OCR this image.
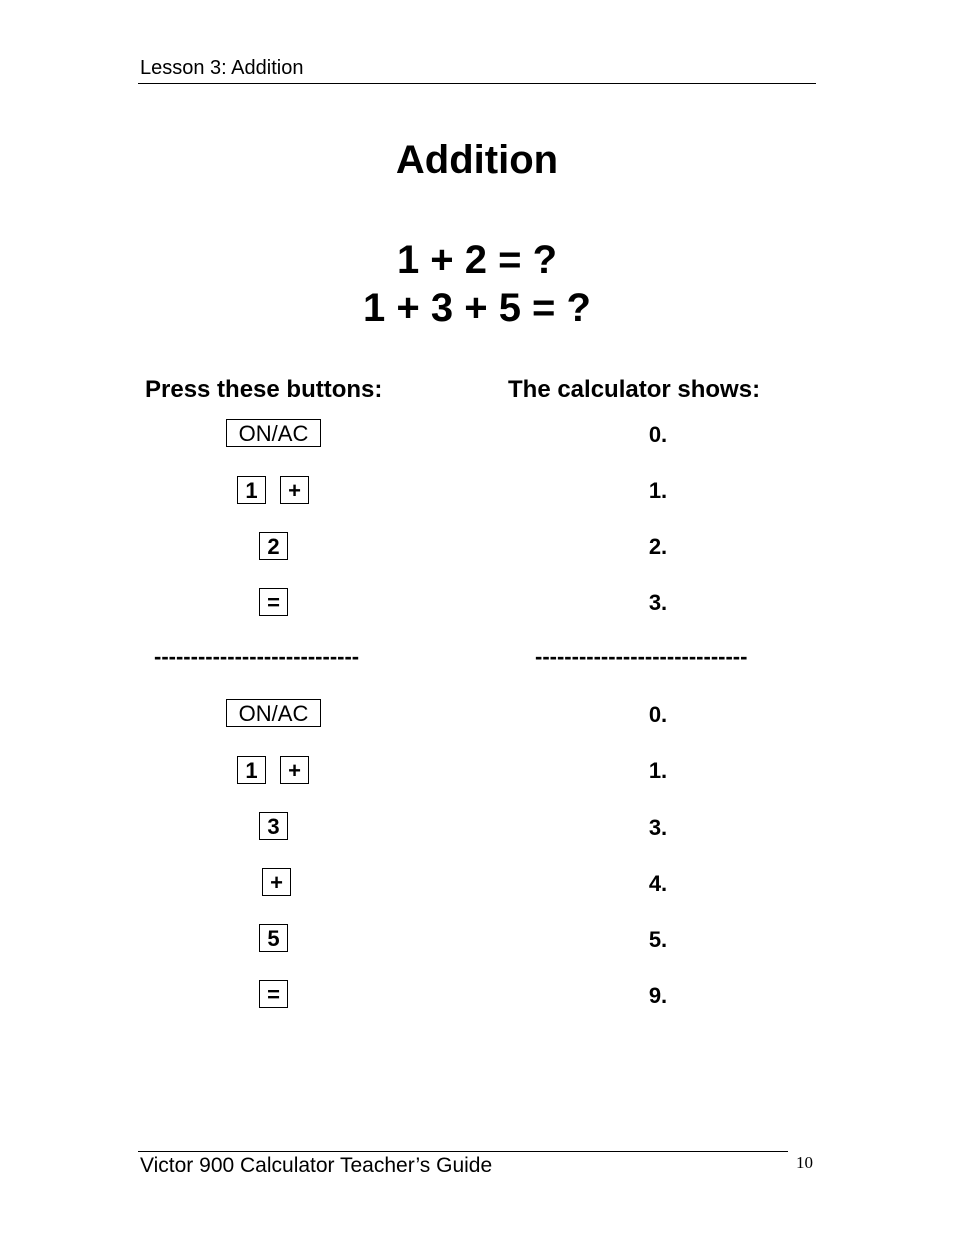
Lesson 3: Addition
Addition
1 + 2 = ?
1 + 3 + 5 = ?
Press these buttons:	The calculator shows:
ON/AC	0.
1	+	1.
2	2.
=	3.
----------------------------	-----------------------------
ON/AC	0.
1	+	1.
3	3.
+	4.
5	5.
=	9.
Victor 900 Calculator Teacher’s Guide	10
